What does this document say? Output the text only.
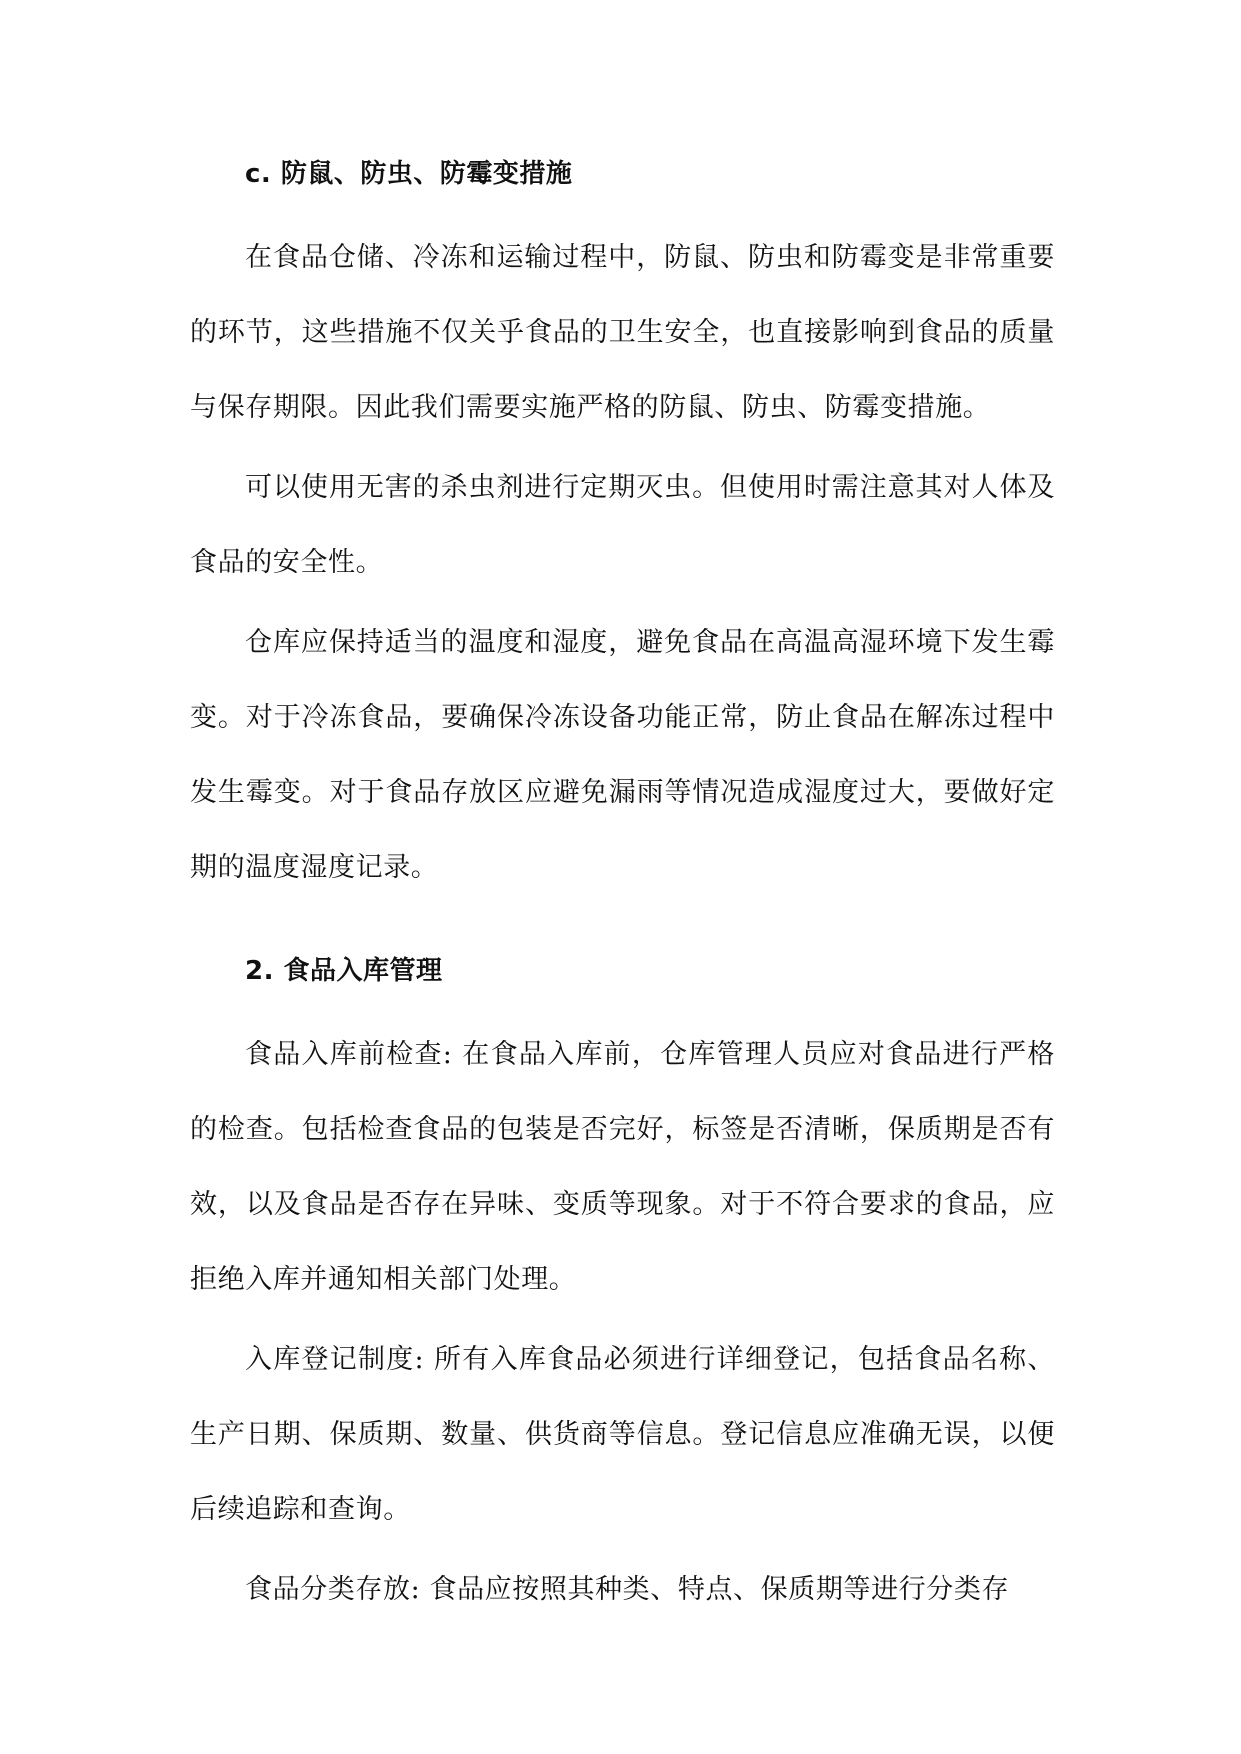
c. 防鼠、防虫、防霉变措施

在食品仓储、冷冻和运输过程中，防鼠、防虫和防霉变是非常重要的环节，这些措施不仅关乎食品的卫生安全，也直接影响到食品的质量与保存期限。因此我们需要实施严格的防鼠、防虫、防霉变措施。

可以使用无害的杀虫剂进行定期灭虫。但使用时需注意其对人体及食品的安全性。

仓库应保持适当的温度和湿度，避免食品在高温高湿环境下发生霉变。对于冷冻食品，要确保冷冻设备功能正常，防止食品在解冻过程中发生霉变。对于食品存放区应避免漏雨等情况造成湿度过大，要做好定期的温度湿度记录。

2. 食品入库管理

食品入库前检查: 在食品入库前，仓库管理人员应对食品进行严格的检查。包括检查食品的包装是否完好，标签是否清晰，保质期是否有效，以及食品是否存在异味、变质等现象。对于不符合要求的食品，应拒绝入库并通知相关部门处理。

入库登记制度: 所有入库食品必须进行详细登记，包括食品名称、生产日期、保质期、数量、供货商等信息。登记信息应准确无误，以便后续追踪和查询。

食品分类存放: 食品应按照其种类、特点、保质期等进行分类存
